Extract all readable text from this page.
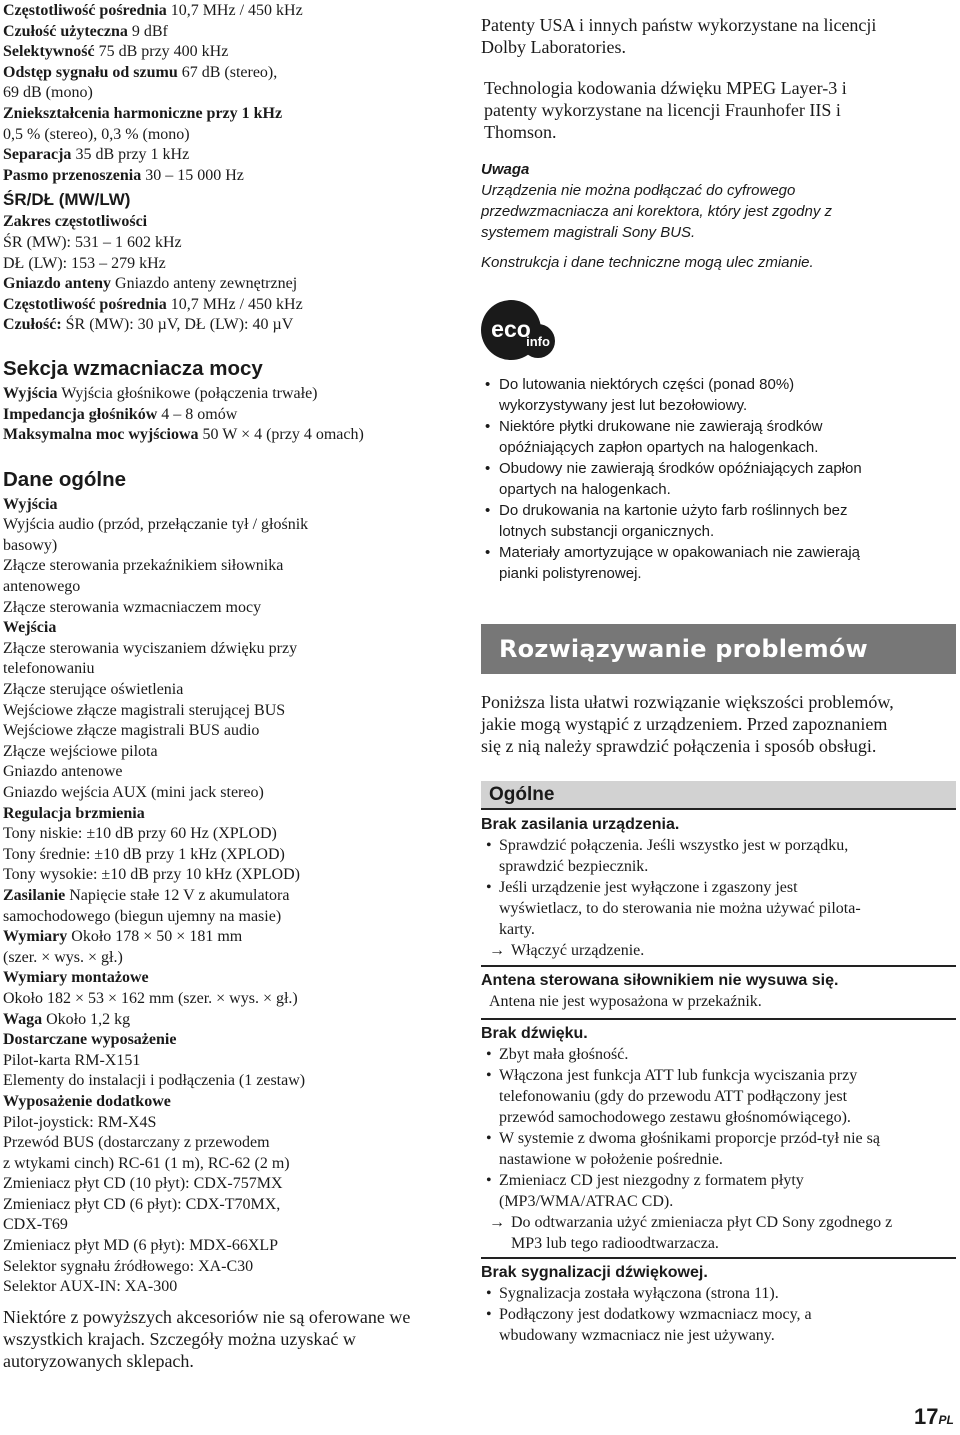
Częstotliwość pośrednia 10,7 MHz / 450 kHz

Czułość użyteczna 9 dBf

Selektywność 75 dB przy 400 kHz

Odstęp sygnału od szumu 67 dB (stereo),

69 dB (mono)

Zniekształcenia harmoniczne przy 1 kHz

0,5 % (stereo), 0,3 % (mono)

Separacja 35 dB przy 1 kHz

Pasmo przenoszenia 30 – 15 000 Hz

ŚR/DŁ (MW/LW)

Zakres częstotliwości

ŚR (MW): 531 – 1 602 kHz

DŁ (LW): 153 – 279 kHz

Gniazdo anteny Gniazdo anteny zewnętrznej

Częstotliwość pośrednia 10,7 MHz / 450 kHz

Czułość: ŚR (MW): 30 µV, DŁ (LW): 40 µV

Sekcja wzmacniacza mocy

Wyjścia Wyjścia głośnikowe (połączenia trwałe)

Impedancja głośników 4 – 8 omów

Maksymalna moc wyjściowa 50 W × 4 (przy 4 omach)

Dane ogólne

Wyjścia

Wyjścia audio (przód, przełączanie tył / głośnik

basowy)

Złącze sterowania przekaźnikiem siłownika

antenowego

Złącze sterowania wzmacniaczem mocy

Wejścia

Złącze sterowania wyciszaniem dźwięku przy

telefonowaniu

Złącze sterujące oświetlenia

Wejściowe złącze magistrali sterującej BUS

Wejściowe złącze magistrali BUS audio

Złącze wejściowe pilota

Gniazdo antenowe

Gniazdo wejścia AUX (mini jack stereo)

Regulacja brzmienia

Tony niskie: ±10 dB przy 60 Hz (XPLOD)

Tony średnie: ±10 dB przy 1 kHz (XPLOD)

Tony wysokie: ±10 dB przy 10 kHz (XPLOD)

Zasilanie Napięcie stałe 12 V z akumulatora

samochodowego (biegun ujemny na masie)

Wymiary Około 178 × 50 × 181 mm

(szer. × wys. × gł.)

Wymiary montażowe

Około 182 × 53 × 162 mm (szer. × wys. × gł.)

Waga Około 1,2 kg

Dostarczane wyposażenie

Pilot-karta RM-X151

Elementy do instalacji i podłączenia (1 zestaw)

Wyposażenie dodatkowe

Pilot-joystick: RM-X4S

Przewód BUS (dostarczany z przewodem

z wtykami cinch) RC-61 (1 m), RC-62 (2 m)

Zmieniacz płyt CD (10 płyt): CDX-757MX

Zmieniacz płyt CD (6 płyt): CDX-T70MX,

CDX-T69

Zmieniacz płyt MD (6 płyt): MDX-66XLP

Selektor sygnału źródłowego: XA-C30

Selektor AUX-IN: XA-300

Niektóre z powyższych akcesoriów nie są oferowane we wszystkich krajach. Szczegóły można uzyskać w autoryzowanych sklepach.

Patenty USA i innych państw wykorzystane na licencji Dolby Laboratories.

Technologia kodowania dźwięku MPEG Layer-3 i patenty wykorzystane na licencji Fraunhofer IIS i Thomson.

Uwaga

Urządzenia nie można podłączać do cyfrowego przedwzmacniacza ani korektora, który jest zgodny z systemem magistrali Sony BUS.

Konstrukcja i dane techniczne mogą ulec zmianie.

eco
info
• Do lutowania niektórych części (ponad 80%) wykorzystywany jest lut bezołowiowy.
• Niektóre płytki drukowane nie zawierają środków opóźniających zapłon opartych na halogenkach.
• Obudowy nie zawierają środków opóźniających zapłon opartych na halogenkach.
• Do drukowania na kartonie użyto farb roślinnych bez lotnych substancji organicznych.
• Materiały amortyzujące w opakowaniach nie zawierają pianki polistyrenowej.
Rozwiązywanie problemów

Poniższa lista ułatwi rozwiązanie większości problemów, jakie mogą wystąpić z urządzeniem. Przed zapoznaniem się z nią należy sprawdzić połączenia i sposób obsługi.

Ogólne

Brak zasilania urządzenia.

• Sprawdzić połączenia. Jeśli wszystko jest w porządku, sprawdzić bezpiecznik.
• Jeśli urządzenie jest wyłączone i zgaszony jest wyświetlacz, to do sterowania nie można używać pilota-karty.
→ Włączyć urządzenie.

Antena sterowana siłownikiem nie wysuwa się.

Antena nie jest wyposażona w przekaźnik.

Brak dźwięku.

• Zbyt mała głośność.
• Włączona jest funkcja ATT lub funkcja wyciszania przy telefonowaniu (gdy do przewodu ATT podłączony jest przewód samochodowego zestawu głośnomówiącego).
• W systemie z dwoma głośnikami proporcje przód-tył nie są nastawione w położenie pośrednie.
• Zmieniacz CD jest niezgodny z formatem płyty (MP3/WMA/ATRAC CD).
→ Do odtwarzania użyć zmieniacza płyt CD Sony zgodnego z MP3 lub tego radioodtwarzacza.

Brak sygnalizacji dźwiękowej.

• Sygnalizacja została wyłączona (strona 11).
• Podłączony jest dodatkowy wzmacniacz mocy, a wbudowany wzmacniacz nie jest używany.
17PL
